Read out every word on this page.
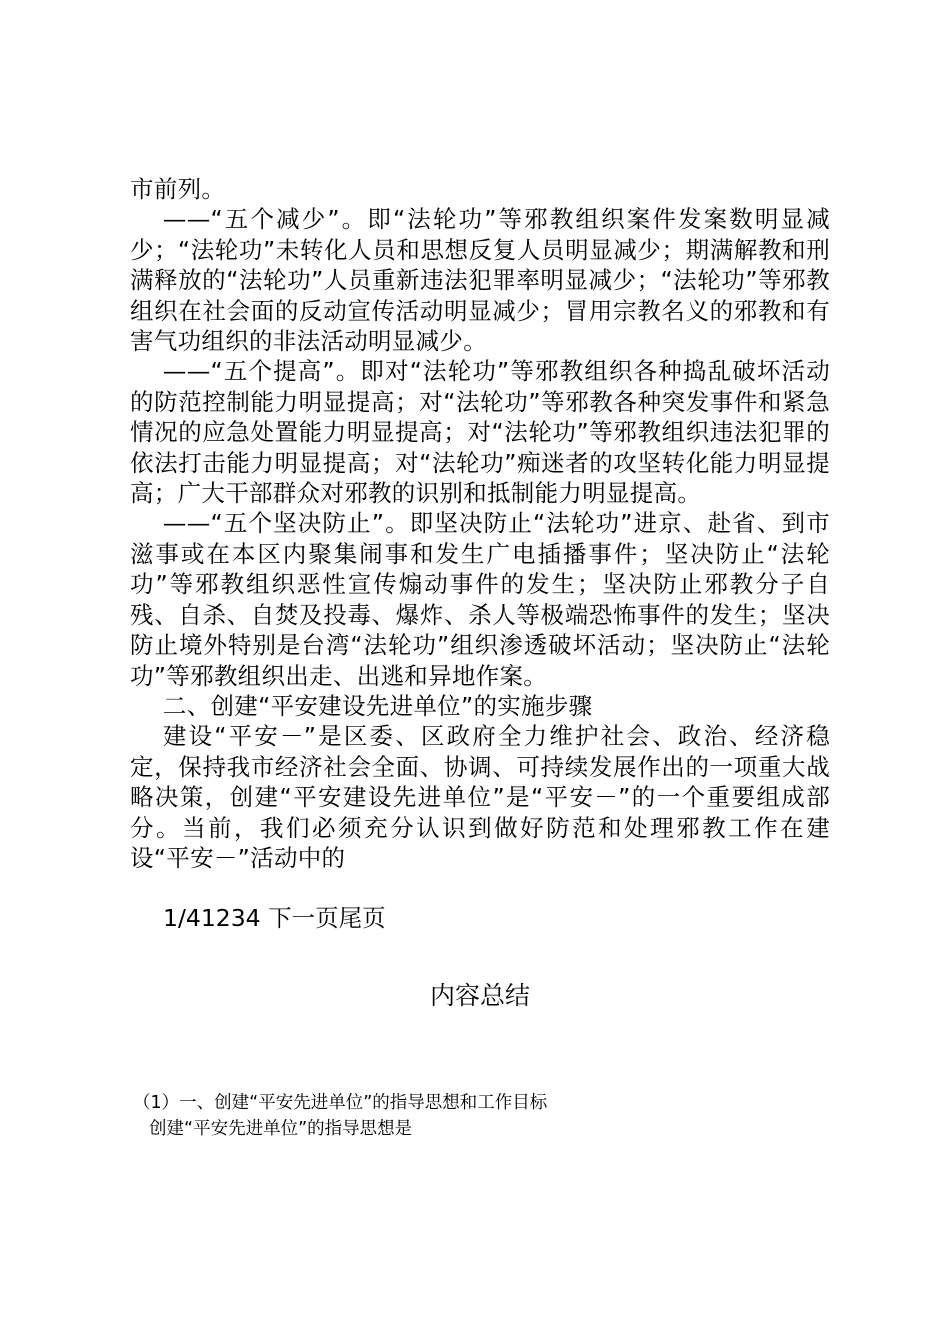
市前列。

——“五个减少”。即“法轮功”等邪教组织案件发案数明显减少；“法轮功”未转化人员和思想反复人员明显减少；期满解教和刑满释放的“法轮功”人员重新违法犯罪率明显减少；“法轮功”等邪教组织在社会面的反动宣传活动明显减少；冒用宗教名义的邪教和有害气功组织的非法活动明显减少。

——“五个提高”。即对“法轮功”等邪教组织各种捣乱破坏活动的防范控制能力明显提高；对“法轮功”等邪教各种突发事件和紧急情况的应急处置能力明显提高；对“法轮功”等邪教组织违法犯罪的依法打击能力明显提高；对“法轮功”痴迷者的攻坚转化能力明显提高；广大干部群众对邪教的识别和抵制能力明显提高。

——“五个坚决防止”。即坚决防止“法轮功”进京、赴省、到市滋事或在本区内聚集闹事和发生广电插播事件；坚决防止“法轮功”等邪教组织恶性宣传煽动事件的发生；坚决防止邪教分子自残、自杀、自焚及投毒、爆炸、杀人等极端恐怖事件的发生；坚决防止境外特别是台湾“法轮功”组织渗透破坏活动；坚决防止“法轮功”等邪教组织出走、出逃和异地作案。

二、创建“平安建设先进单位”的实施步骤

建设“平安－”是区委、区政府全力维护社会、政治、经济稳定，保持我市经济社会全面、协调、可持续发展作出的一项重大战略决策，创建“平安建设先进单位”是“平安－”的一个重要组成部分。当前，我们必须充分认识到做好防范和处理邪教工作在建设“平安－”活动中的

1/41234 下一页尾页
内容总结

（1）一、创建“平安先进单位”的指导思想和工作目标

创建“平安先进单位”的指导思想是
